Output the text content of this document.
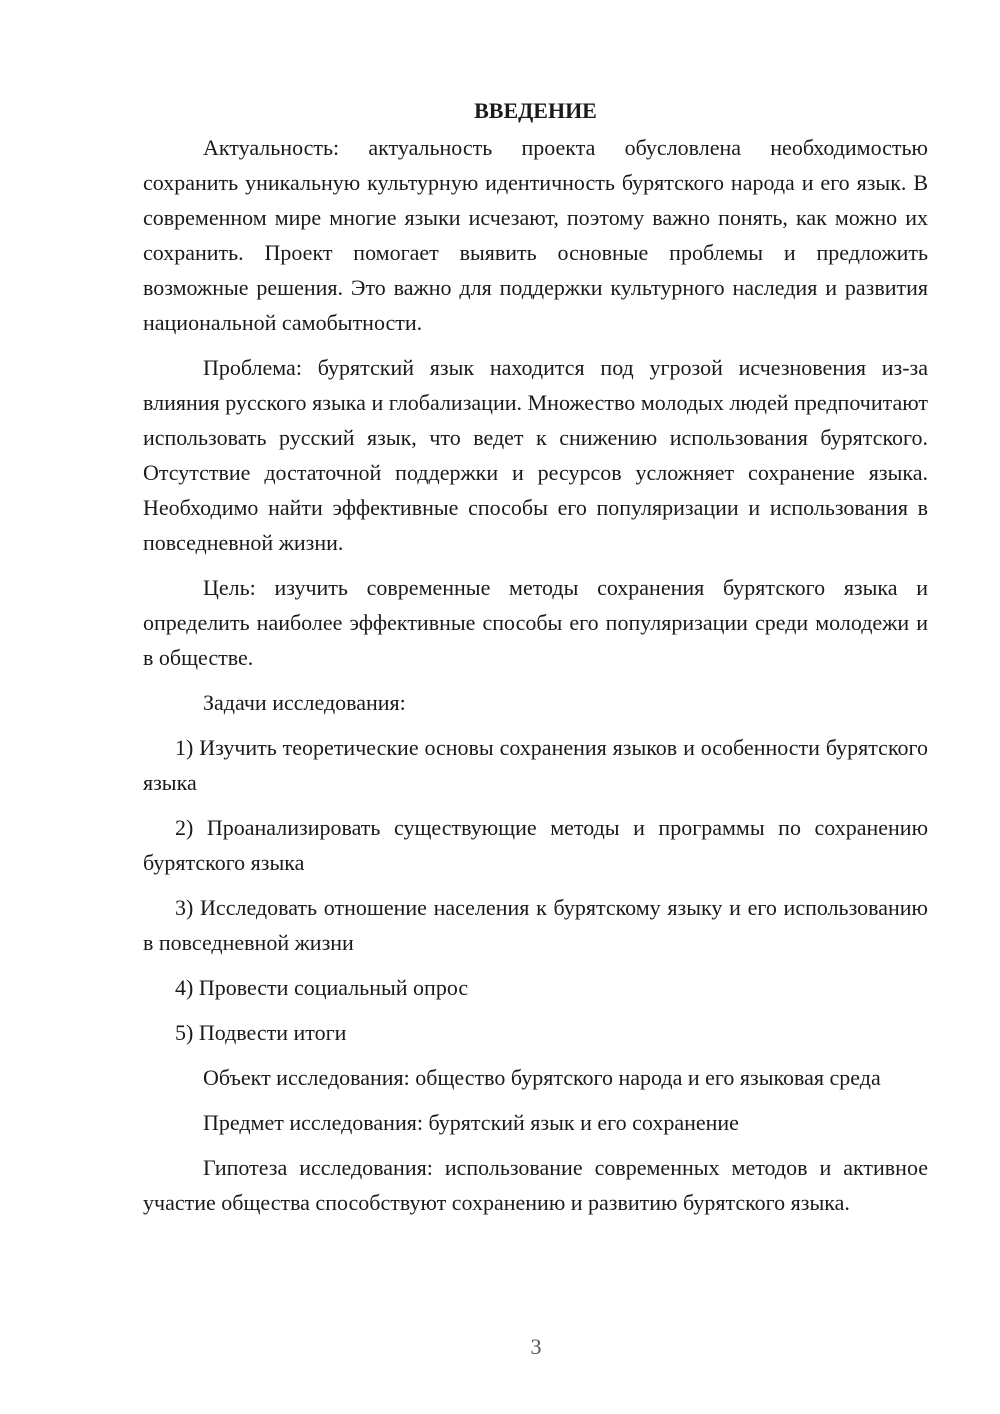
ВВЕДЕНИЕ

Актуальность: актуальность проекта обусловлена необходимостью сохранить уникальную культурную идентичность бурятского народа и его язык. В современном мире многие языки исчезают, поэтому важно понять, как можно их сохранить. Проект помогает выявить основные проблемы и предложить возможные решения. Это важно для поддержки культурного наследия и развития национальной самобытности.

Проблема: бурятский язык находится под угрозой исчезновения из-за влияния русского языка и глобализации. Множество молодых людей предпочитают использовать русский язык, что ведет к снижению использования бурятского. Отсутствие достаточной поддержки и ресурсов усложняет сохранение языка. Необходимо найти эффективные способы его популяризации и использования в повседневной жизни.

Цель: изучить современные методы сохранения бурятского языка и определить наиболее эффективные способы его популяризации среди молодежи и в обществе.

Задачи исследования:

1) Изучить теоретические основы сохранения языков и особенности бурятского языка

2) Проанализировать существующие методы и программы по сохранению бурятского языка

3) Исследовать отношение населения к бурятскому языку и его использованию в повседневной жизни

4) Провести социальный опрос

5) Подвести итоги

Объект исследования: общество бурятского народа и его языковая среда

Предмет исследования: бурятский язык и его сохранение

Гипотеза исследования: использование современных методов и активное участие общества способствуют сохранению и развитию бурятского языка.

3
